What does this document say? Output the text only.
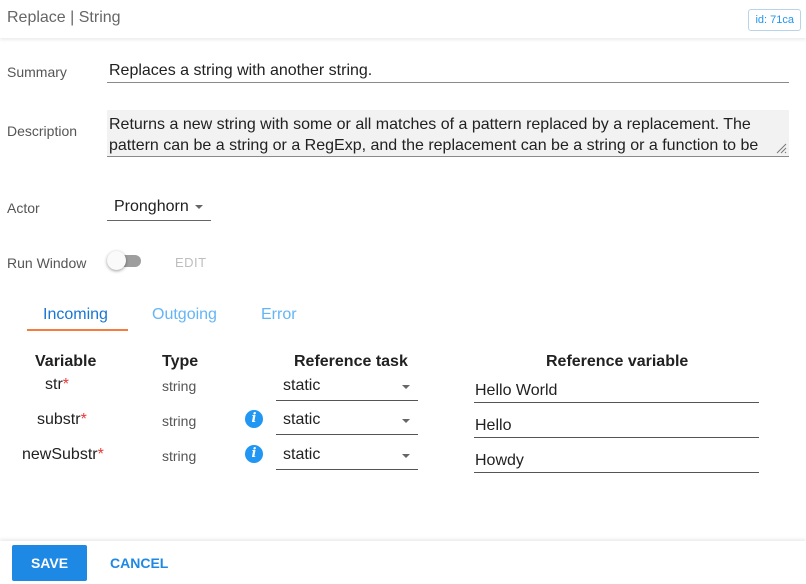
Replace | String	id: 71ca
Summary	Replaces a string with another string.
Description Returns a new string with some or all matches of a pattern replaced by a replacement. The pattern can be a string or a RegExp, and the replacement can be a string or a function to be
Actor	Pronghorn
Run Window	EDIT
Incoming	Outgoing	Error
Variable	Type	Reference task	Reference variable
str*	string	static	Hello World
substr*	string	i	static	Hello
newSubstr*	string	i	static	Howdy
SAVE	CANCEL
